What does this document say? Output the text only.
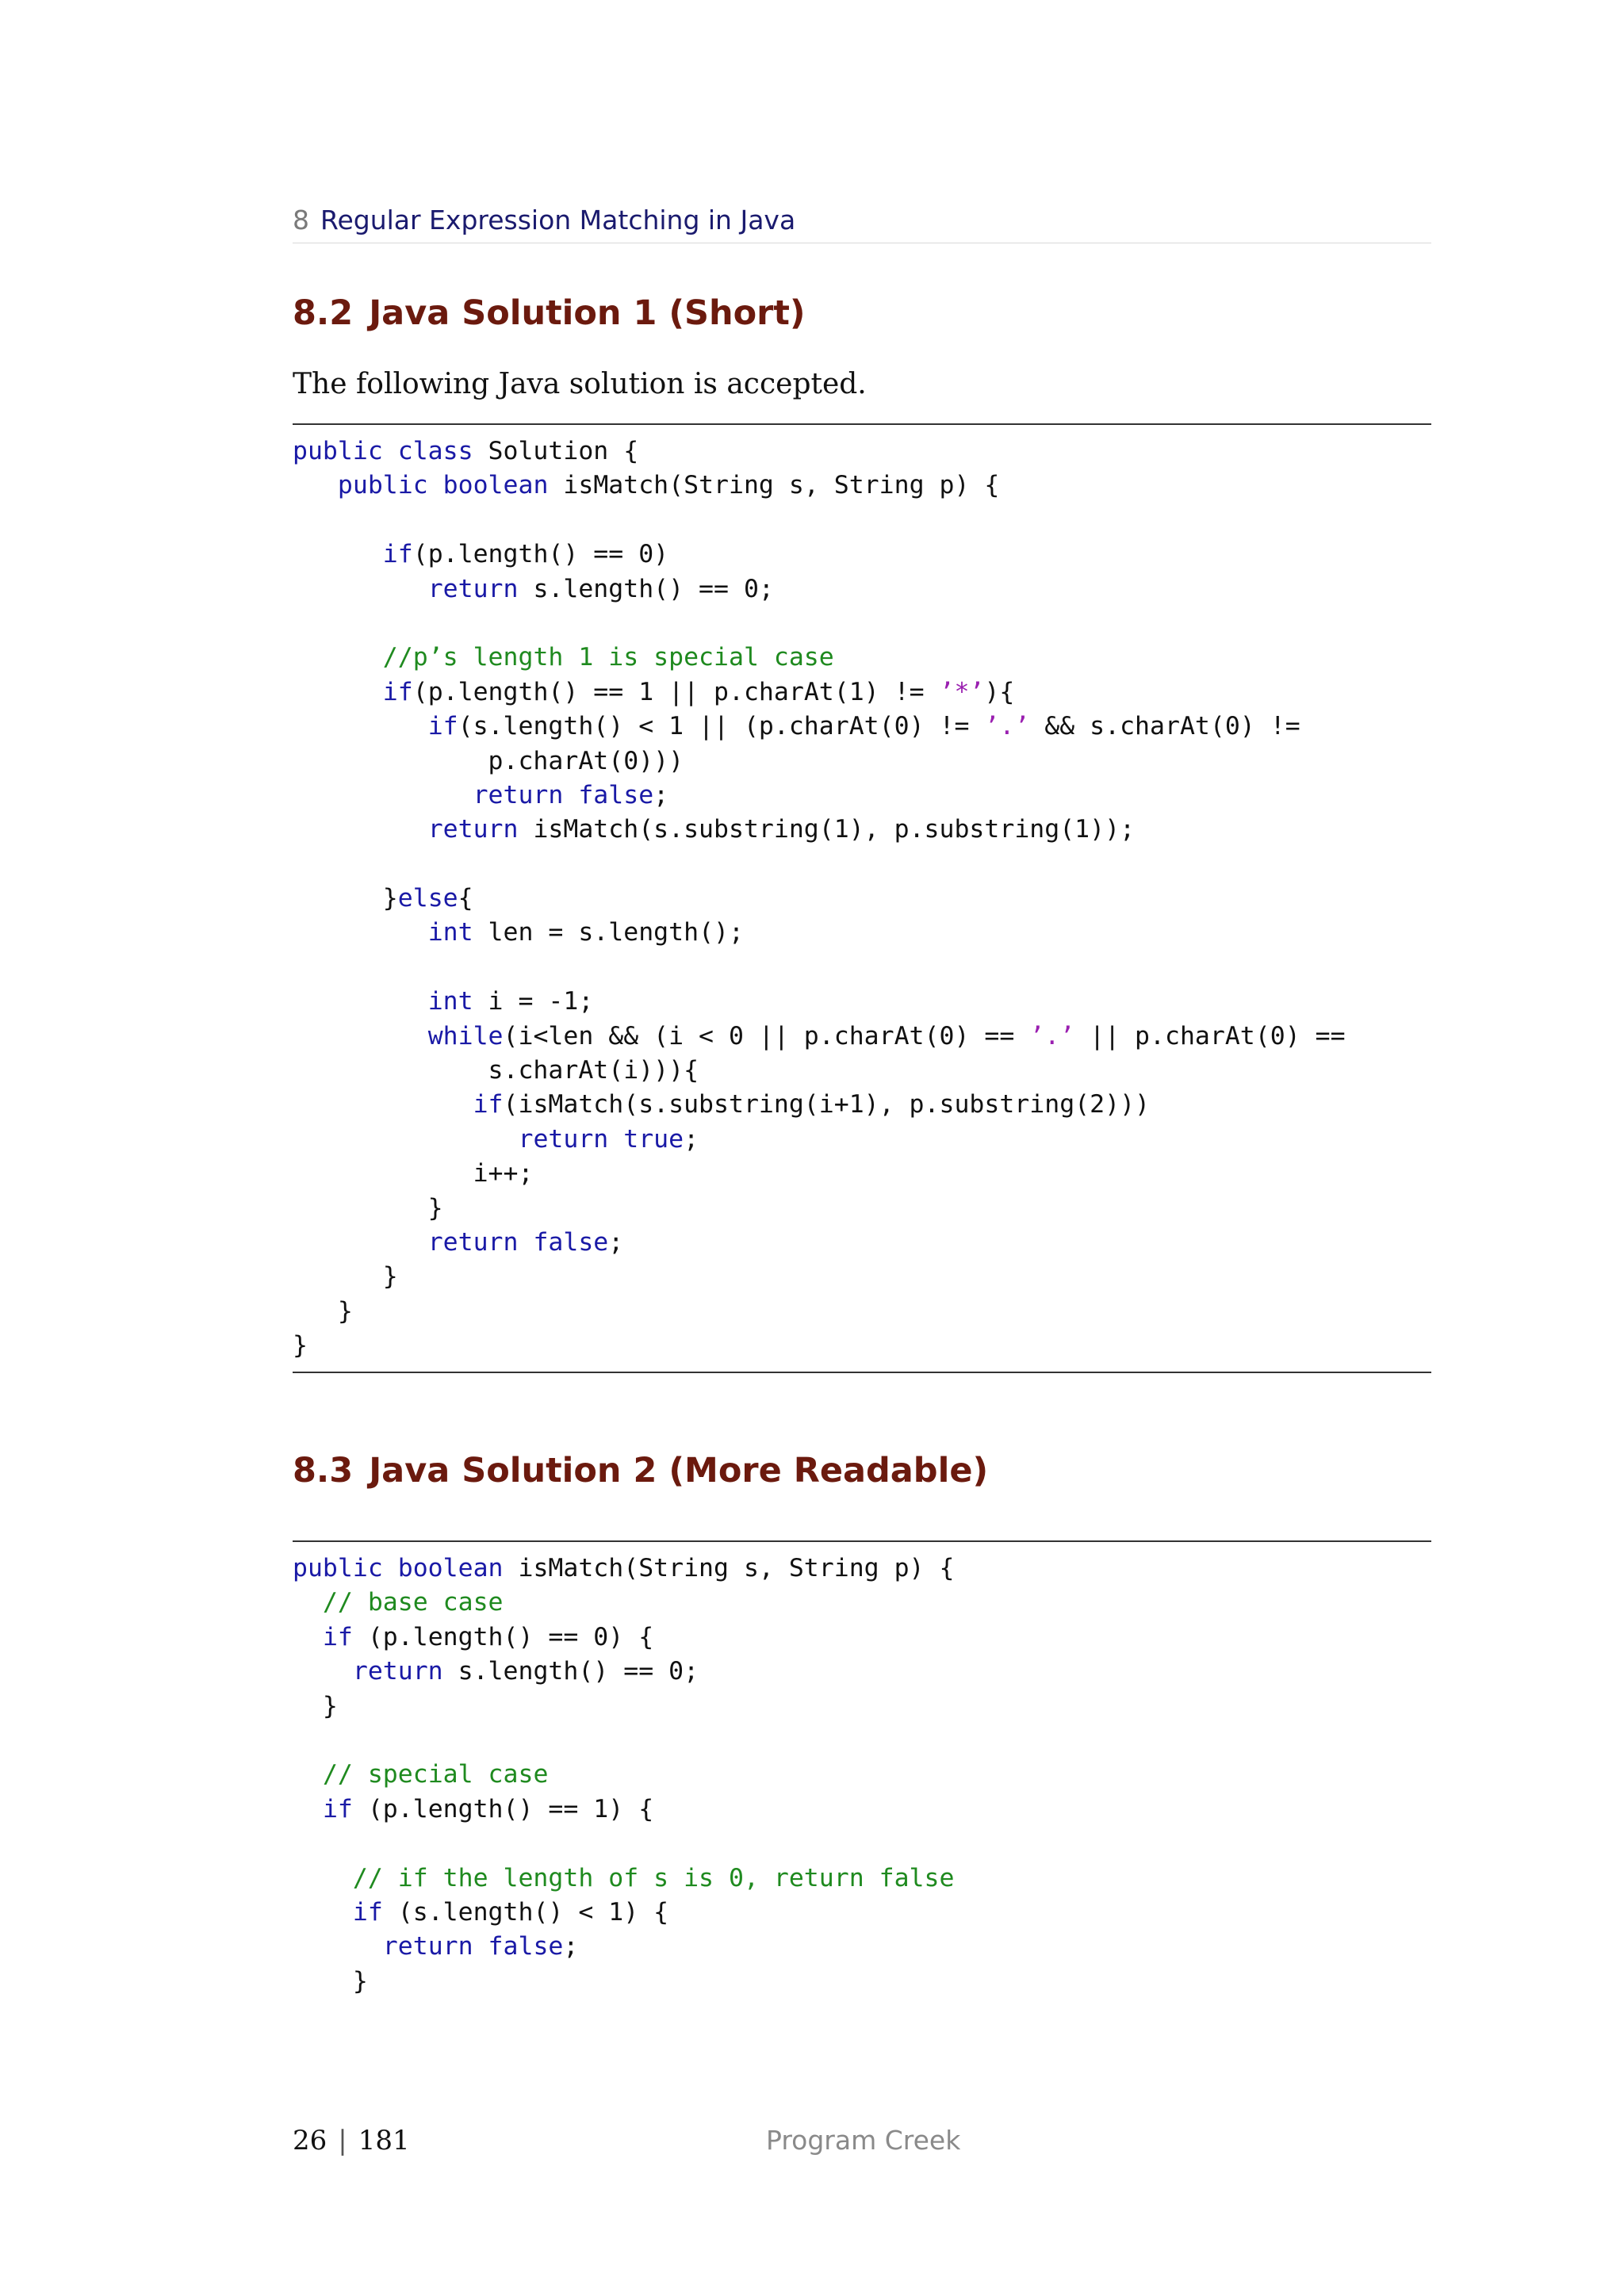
8 Regular Expression Matching in Java
8.2 Java Solution 1 (Short)
The following Java solution is accepted.
public class Solution {
public boolean isMatch(String s, String p) {
if(p.length() == 0)
return s.length() == 0;
//p’s length 1 is special case
if(p.length() == 1 || p.charAt(1) != ’*’){
if(s.length() < 1 || (p.charAt(0) != ’.’ && s.charAt(0) !=
p.charAt(0)))
return false;
return isMatch(s.substring(1), p.substring(1));
}else{
int len = s.length();
int i = -1;
while(i<len && (i < 0 || p.charAt(0) == ’.’ || p.charAt(0) ==
s.charAt(i))){
if(isMatch(s.substring(i+1), p.substring(2)))
return true;
i++;
}
return false;
}
}
}
8.3 Java Solution 2 (More Readable)
public boolean isMatch(String s, String p) {
// base case
if (p.length() == 0) {
return s.length() == 0;
}
// special case
if (p.length() == 1) {
// if the length of s is 0, return false
if (s.length() < 1) {
return false;
}
26 | 181	Program Creek
